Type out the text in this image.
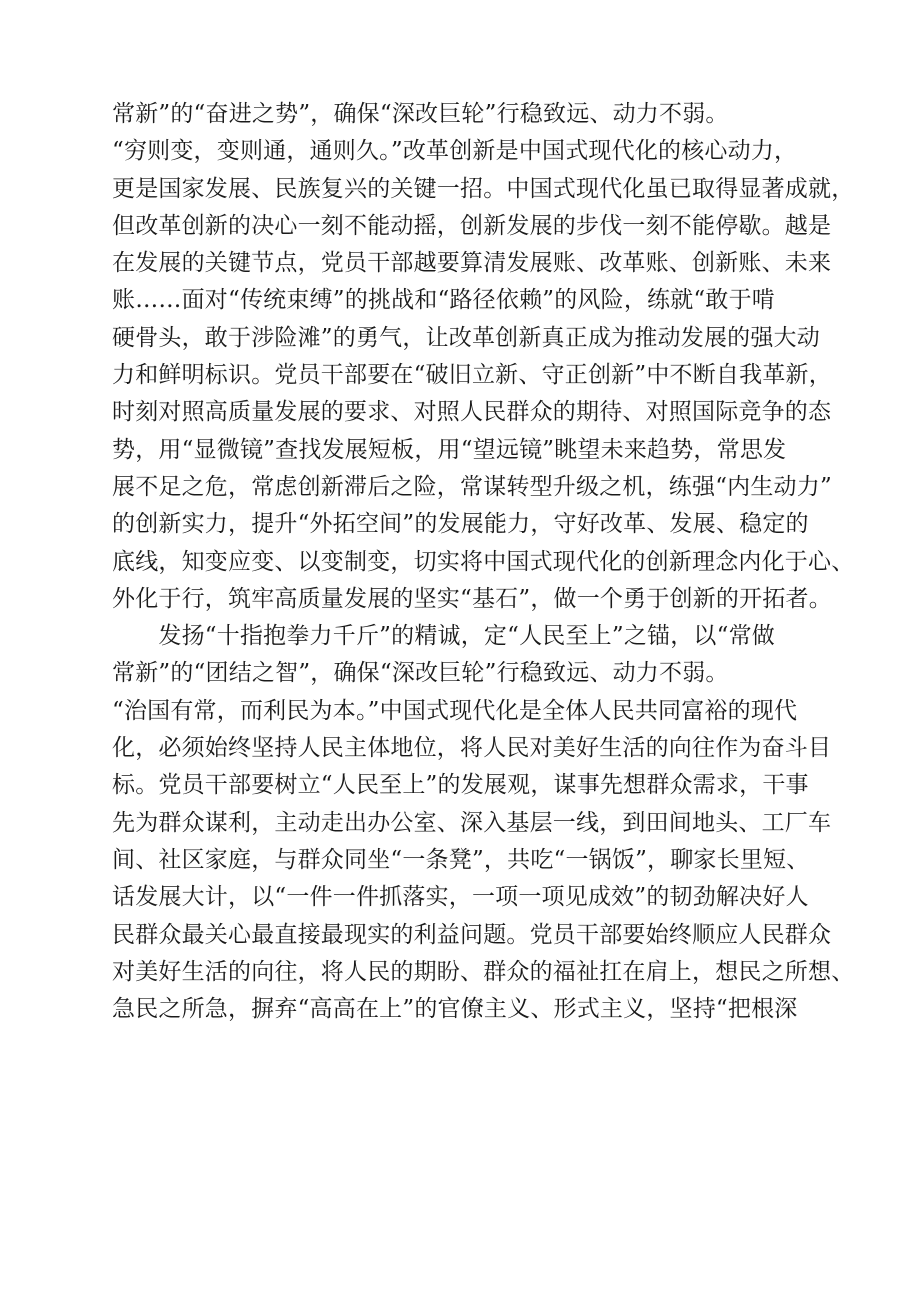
常新”的“奋进之势”，确保“深改巨轮”行稳致远、动力不弱。
“穷则变，变则通，通则久。”改革创新是中国式现代化的核心动力，
更是国家发展、民族复兴的关键一招。中国式现代化虽已取得显著成就，
但改革创新的决心一刻不能动摇，创新发展的步伐一刻不能停歇。越是
在发展的关键节点，党员干部越要算清发展账、改革账、创新账、未来
账……面对“传统束缚”的挑战和“路径依赖”的风险，练就“敢于啃
硬骨头，敢于涉险滩”的勇气，让改革创新真正成为推动发展的强大动
力和鲜明标识。党员干部要在“破旧立新、守正创新”中不断自我革新，
时刻对照高质量发展的要求、对照人民群众的期待、对照国际竞争的态
势，用“显微镜”查找发展短板，用“望远镜”眺望未来趋势，常思发
展不足之危，常虑创新滞后之险，常谋转型升级之机，练强“内生动力”
的创新实力，提升“外拓空间”的发展能力，守好改革、发展、稳定的
底线，知变应变、以变制变，切实将中国式现代化的创新理念内化于心、
外化于行，筑牢高质量发展的坚实“基石”，做一个勇于创新的开拓者。
　　发扬“十指抱拳力千斤”的精诚，定“人民至上”之锚，以“常做
常新”的“团结之智”，确保“深改巨轮”行稳致远、动力不弱。
“治国有常，而利民为本。”中国式现代化是全体人民共同富裕的现代
化，必须始终坚持人民主体地位，将人民对美好生活的向往作为奋斗目
标。党员干部要树立“人民至上”的发展观，谋事先想群众需求，干事
先为群众谋利，主动走出办公室、深入基层一线，到田间地头、工厂车
间、社区家庭，与群众同坐“一条凳”，共吃“一锅饭”，聊家长里短、
话发展大计，以“一件一件抓落实，一项一项见成效”的韧劲解决好人
民群众最关心最直接最现实的利益问题。党员干部要始终顺应人民群众
对美好生活的向往，将人民的期盼、群众的福祉扛在肩上，想民之所想、
急民之所急，摒弃“高高在上”的官僚主义、形式主义，坚持“把根深
